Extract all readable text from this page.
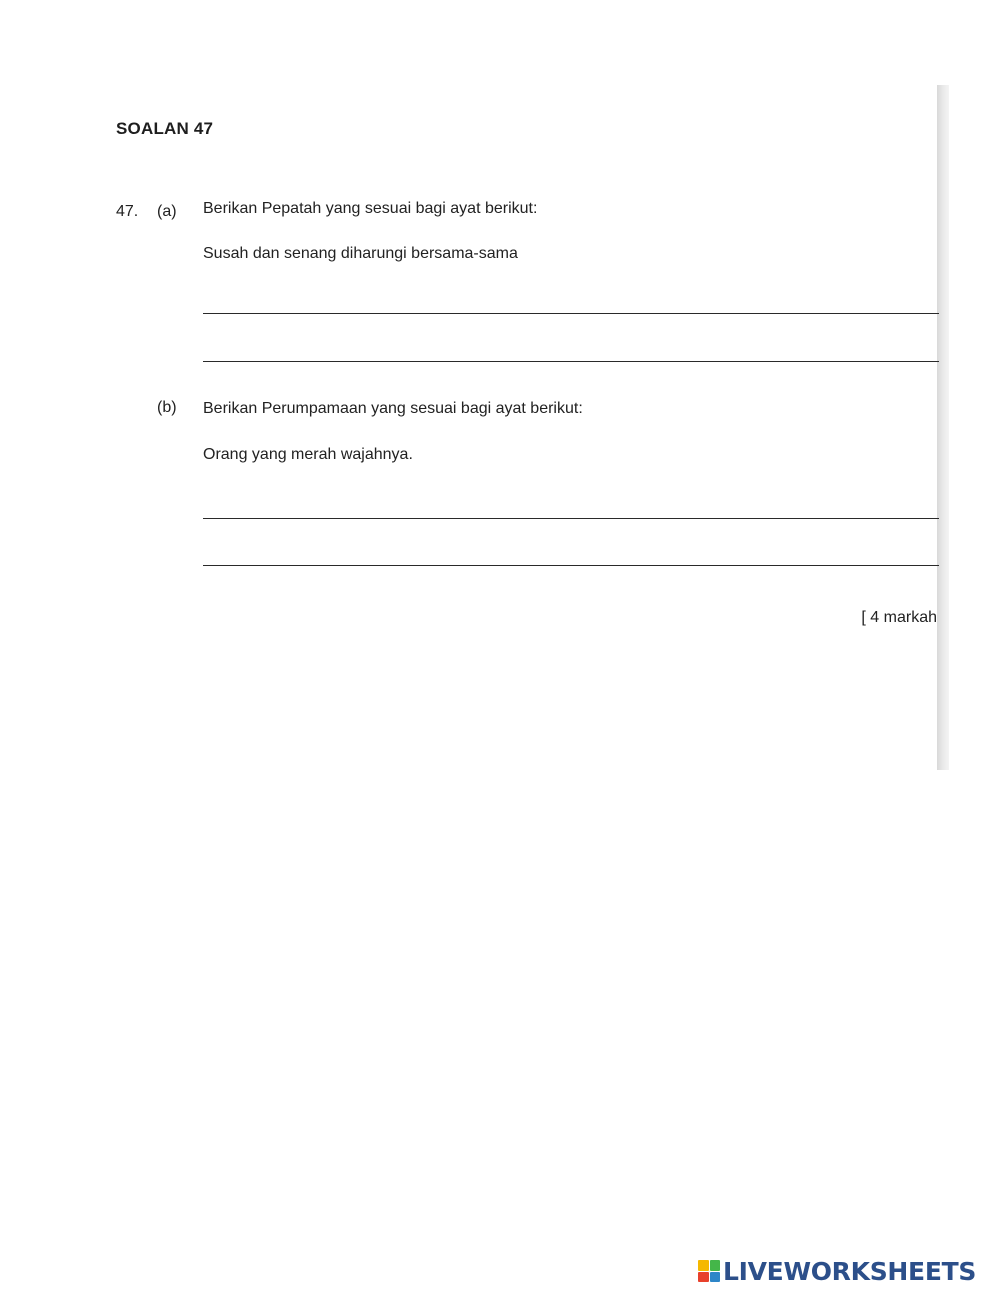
SOALAN 47
47. (a) Berikan Pepatah yang sesuai bagi ayat berikut:
Susah dan senang diharungi bersama-sama
(b) Berikan Perumpamaan yang sesuai bagi ayat berikut:
Orang yang merah wajahnya.
[ 4 markah
LIVEWORKSHEETS
